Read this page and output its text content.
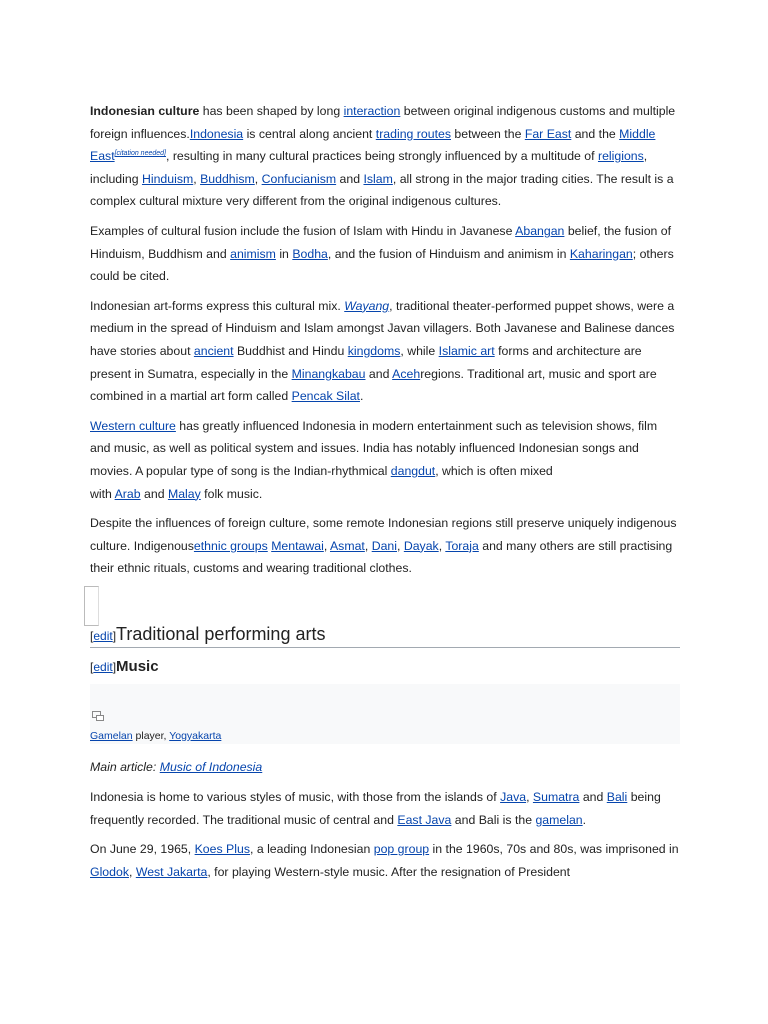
Indonesian culture has been shaped by long interaction between original indigenous customs and multiple foreign influences.Indonesia is central along ancient trading routes between the Far East and the Middle East[citation needed], resulting in many cultural practices being strongly influenced by a multitude of religions, including Hinduism, Buddhism, Confucianism and Islam, all strong in the major trading cities. The result is a complex cultural mixture very different from the original indigenous cultures.

Examples of cultural fusion include the fusion of Islam with Hindu in Javanese Abangan belief, the fusion of Hinduism, Buddhism and animism in Bodha, and the fusion of Hinduism and animism in Kaharingan; others could be cited.

Indonesian art-forms express this cultural mix. Wayang, traditional theater-performed puppet shows, were a medium in the spread of Hinduism and Islam amongst Javan villagers. Both Javanese and Balinese dances have stories about ancient Buddhist and Hindu kingdoms, while Islamic art forms and architecture are present in Sumatra, especially in the Minangkabau and Acehregions. Traditional art, music and sport are combined in a martial art form called Pencak Silat.

Western culture has greatly influenced Indonesia in modern entertainment such as television shows, film and music, as well as political system and issues. India has notably influenced Indonesian songs and movies. A popular type of song is the Indian-rhythmical dangdut, which is often mixed
with Arab and Malay folk music.

Despite the influences of foreign culture, some remote Indonesian regions still preserve uniquely indigenous culture. Indigenousethnic groups Mentawai, Asmat, Dani, Dayak, Toraja and many others are still practising their ethnic rituals, customs and wearing traditional clothes.

[edit]Traditional performing arts
[edit]Music
Gamelan player, Yogyakarta
Main article: Music of Indonesia

Indonesia is home to various styles of music, with those from the islands of Java, Sumatra and Bali being frequently recorded. The traditional music of central and East Java and Bali is the gamelan.

On June 29, 1965, Koes Plus, a leading Indonesian pop group in the 1960s, 70s and 80s, was imprisoned in Glodok, West Jakarta, for playing Western-style music. After the resignation of President
